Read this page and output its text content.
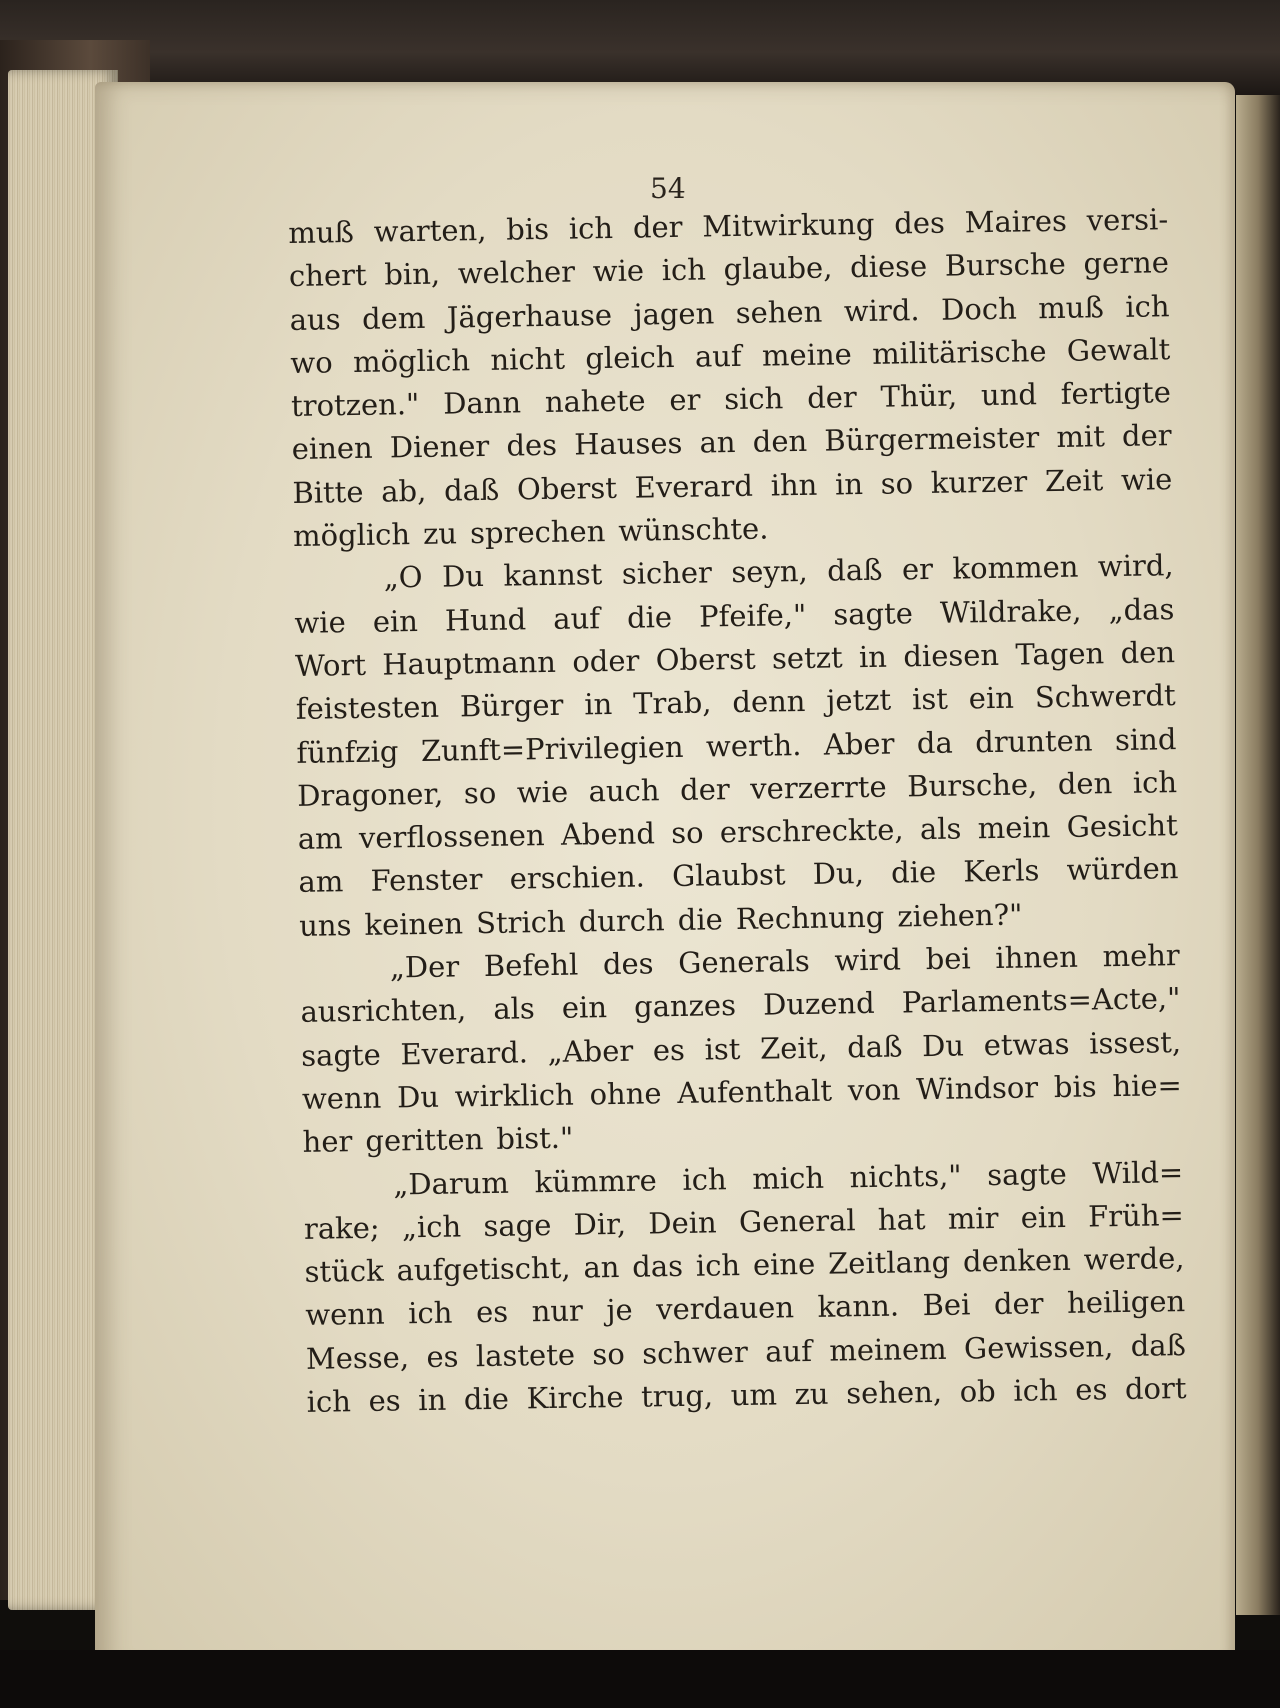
54

muß warten, bis ich der Mitwirkung des Maires versi-

chert bin, welcher wie ich glaube, diese Bursche gerne

aus dem Jägerhause jagen sehen wird. Doch muß ich

wo möglich nicht gleich auf meine militärische Gewalt

trotzen." Dann nahete er sich der Thür, und fertigte

einen Diener des Hauses an den Bürgermeister mit der

Bitte ab, daß Oberst Everard ihn in so kurzer Zeit wie

möglich zu sprechen wünschte.

„O Du kannst sicher seyn, daß er kommen wird,

wie ein Hund auf die Pfeife," sagte Wildrake, „das

Wort Hauptmann oder Oberst setzt in diesen Tagen den

feistesten Bürger in Trab, denn jetzt ist ein Schwerdt

fünfzig Zunft=Privilegien werth. Aber da drunten sind

Dragoner, so wie auch der verzerrte Bursche, den ich

am verflossenen Abend so erschreckte, als mein Gesicht

am Fenster erschien. Glaubst Du, die Kerls würden

uns keinen Strich durch die Rechnung ziehen?"

„Der Befehl des Generals wird bei ihnen mehr

ausrichten, als ein ganzes Duzend Parlaments=Acte,"

sagte Everard. „Aber es ist Zeit, daß Du etwas issest,

wenn Du wirklich ohne Aufenthalt von Windsor bis hie=

her geritten bist."

„Darum kümmre ich mich nichts," sagte Wild=

rake; „ich sage Dir, Dein General hat mir ein Früh=

stück aufgetischt, an das ich eine Zeitlang denken werde,

wenn ich es nur je verdauen kann. Bei der heiligen

Messe, es lastete so schwer auf meinem Gewissen, daß

ich es in die Kirche trug, um zu sehen, ob ich es dort
